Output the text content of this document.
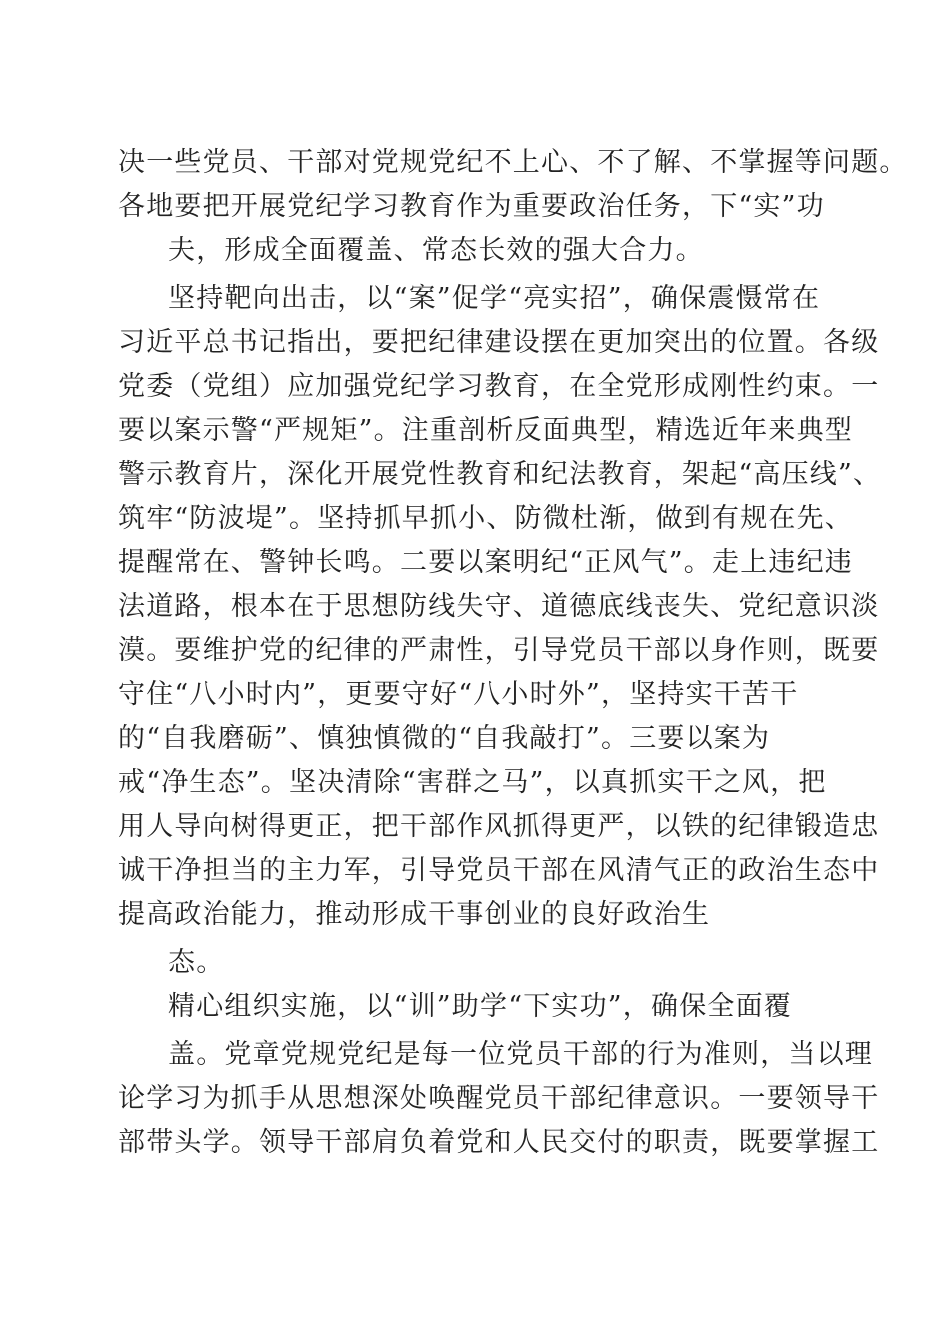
决一些党员、干部对党规党纪不上心、不了解、不掌握等问题。
各地要把开展党纪学习教育作为重要政治任务，下“实”功
夫，形成全面覆盖、常态长效的强大合力。
坚持靶向出击，以“案”促学“亮实招”，确保震慑常在
习近平总书记指出，要把纪律建设摆在更加突出的位置。各级
党委（党组）应加强党纪学习教育，在全党形成刚性约束。一
要以案示警“严规矩”。注重剖析反面典型，精选近年来典型
警示教育片，深化开展党性教育和纪法教育，架起“高压线”、
筑牢“防波堤”。坚持抓早抓小、防微杜渐，做到有规在先、
提醒常在、警钟长鸣。二要以案明纪“正风气”。走上违纪违
法道路，根本在于思想防线失守、道德底线丧失、党纪意识淡
漠。要维护党的纪律的严肃性，引导党员干部以身作则，既要
守住“八小时内”，更要守好“八小时外”，坚持实干苦干
的“自我磨砺”、慎独慎微的“自我敲打”。三要以案为
戒“净生态”。坚决清除“害群之马”，以真抓实干之风，把
用人导向树得更正，把干部作风抓得更严，以铁的纪律锻造忠
诚干净担当的主力军，引导党员干部在风清气正的政治生态中
提高政治能力，推动形成干事创业的良好政治生
态。
精心组织实施，以“训”助学“下实功”，确保全面覆
盖。党章党规党纪是每一位党员干部的行为准则，当以理
论学习为抓手从思想深处唤醒党员干部纪律意识。一要领导干
部带头学。领导干部肩负着党和人民交付的职责，既要掌握工
